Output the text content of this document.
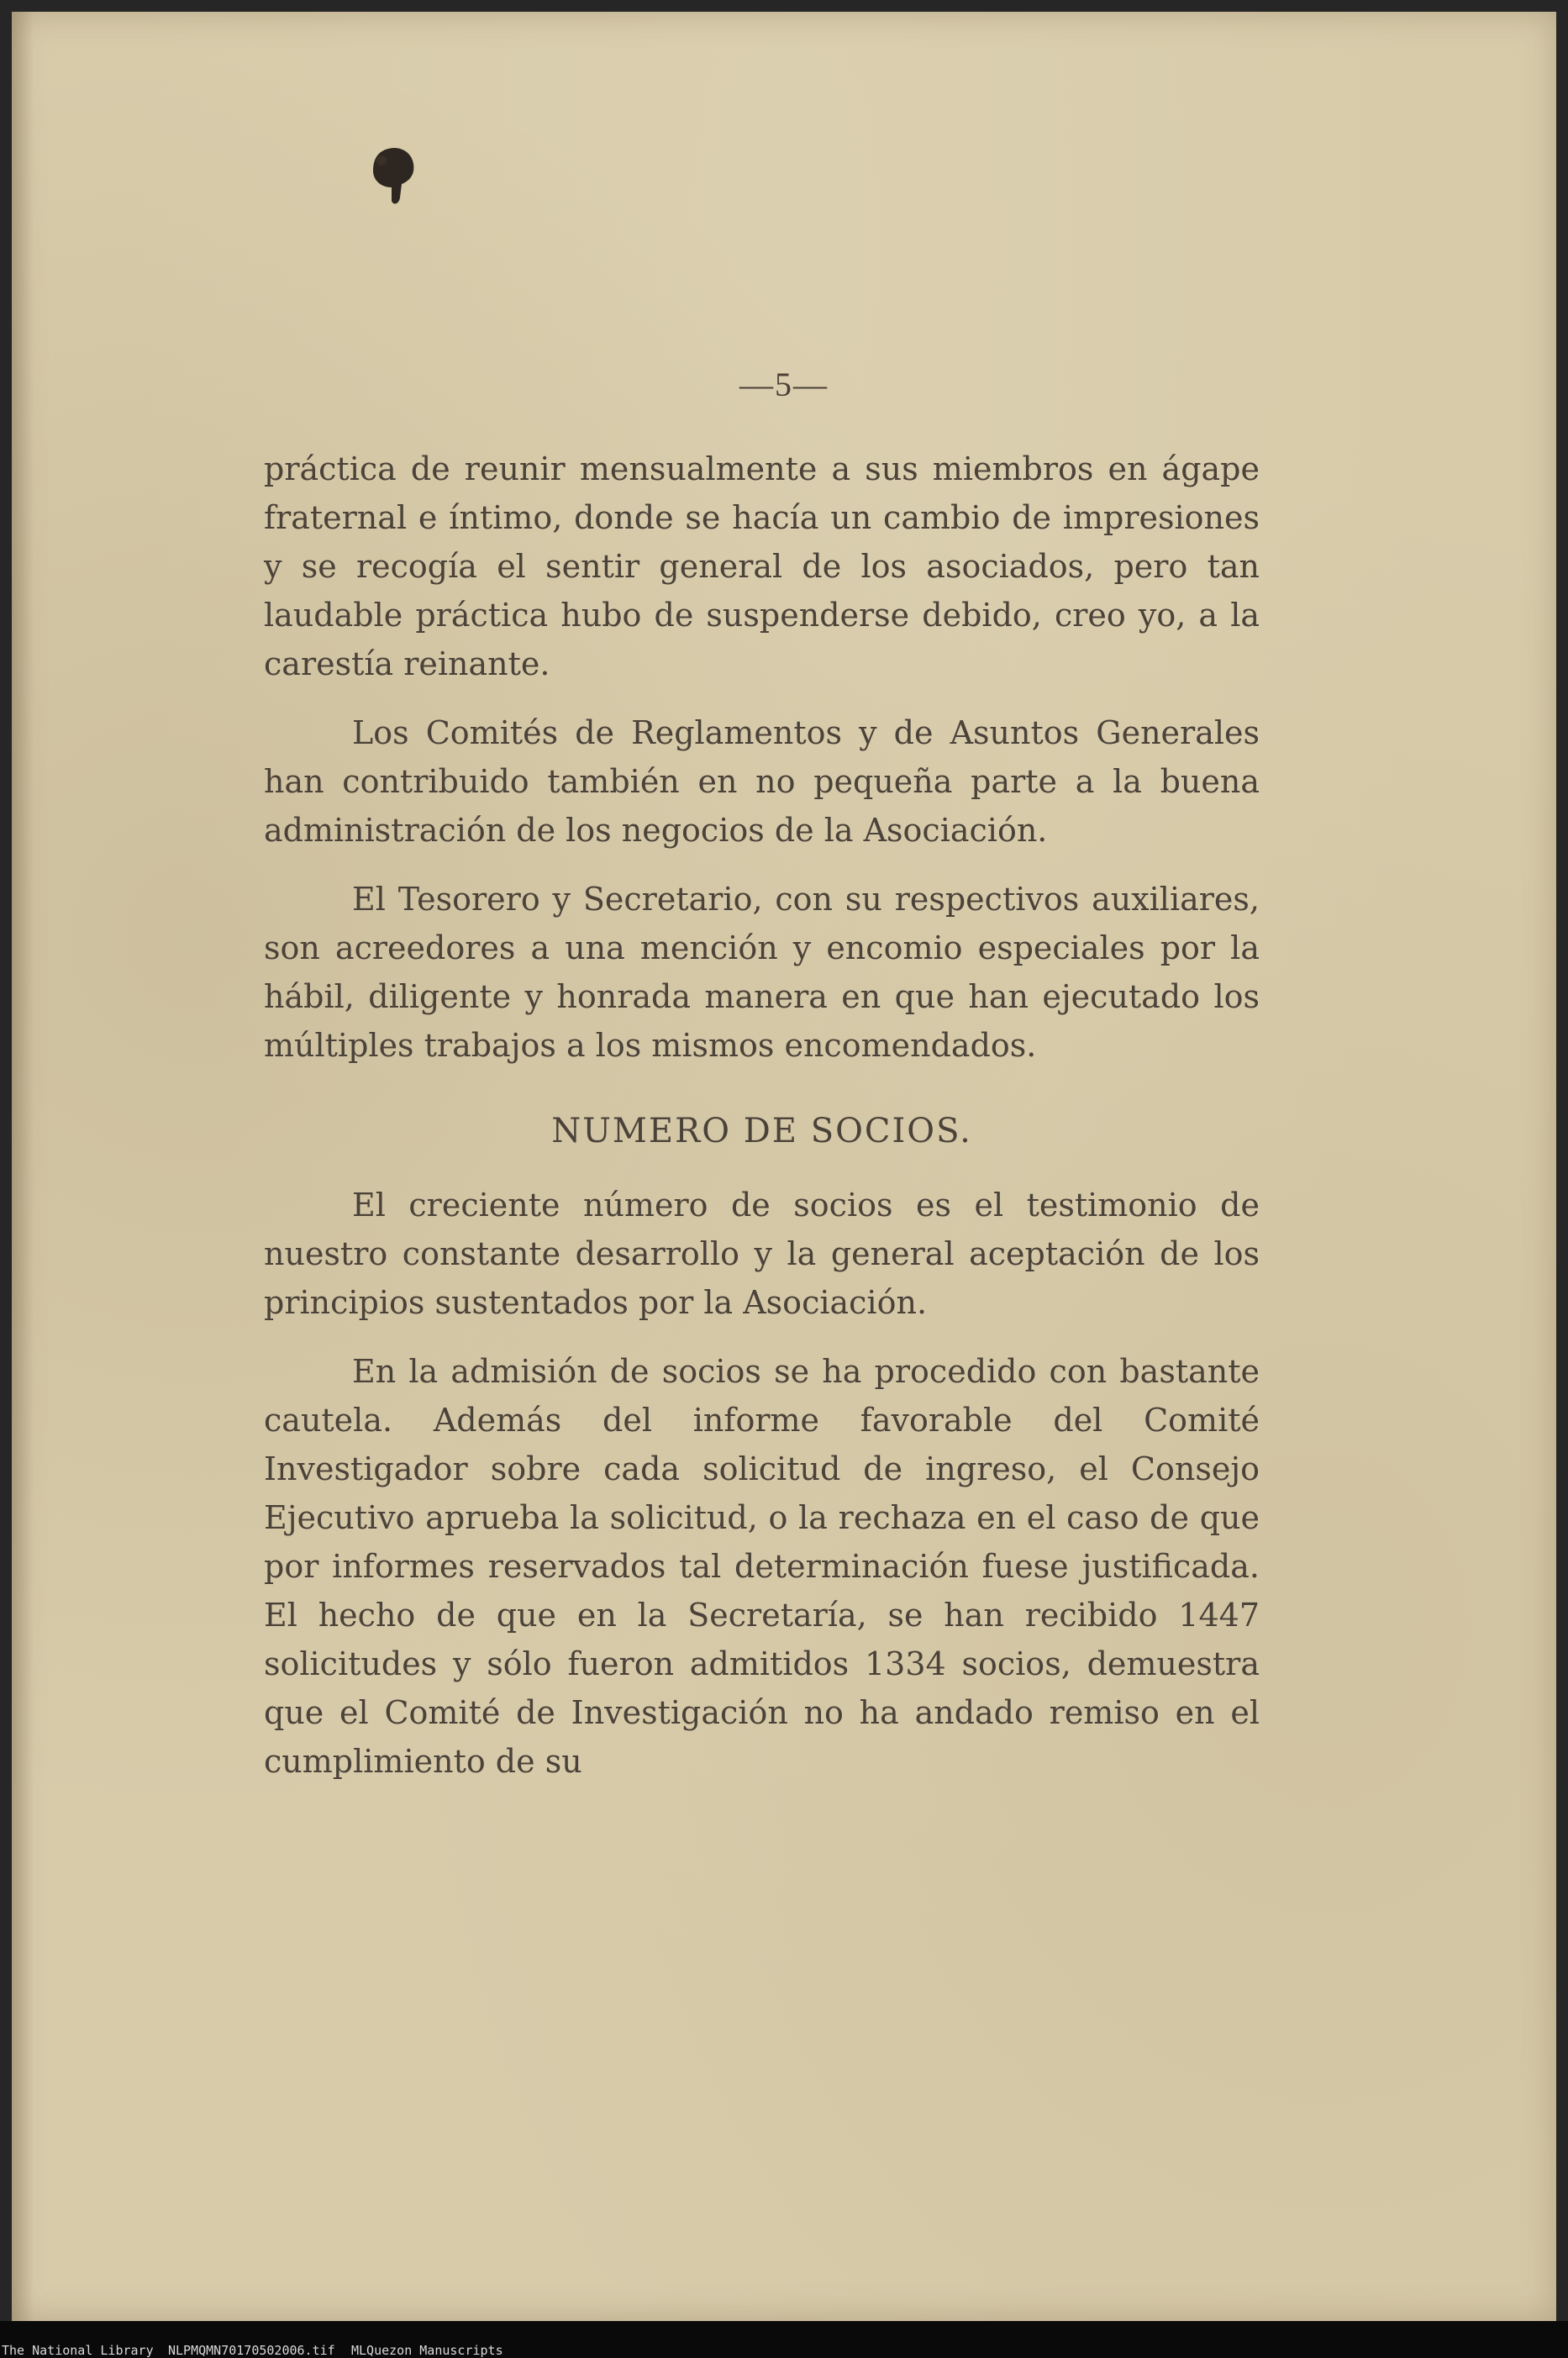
—5—

práctica de reunir mensualmente a sus miembros en ágape fraternal e íntimo, donde se hacía un cambio de impresiones y se recogía el sentir general de los asociados, pero tan laudable práctica hubo de suspenderse debido, creo yo, a la carestía reinante.

Los Comités de Reglamentos y de Asuntos Generales han contribuido también en no pequeña parte a la buena administración de los negocios de la Asociación.

El Tesorero y Secretario, con su respectivos auxiliares, son acreedores a una mención y encomio especiales por la hábil, diligente y honrada manera en que han ejecutado los múltiples trabajos a los mismos encomendados.

NUMERO DE SOCIOS.

El creciente número de socios es el testimonio de nuestro constante desarrollo y la general aceptación de los principios sustentados por la Asociación.

En la admisión de socios se ha procedido con bastante cautela. Además del informe favorable del Comité Investigador sobre cada solicitud de ingreso, el Consejo Ejecutivo aprueba la solicitud, o la rechaza en el caso de que por informes reservados tal determinación fuese justificada. El hecho de que en la Secretaría, se han recibido 1447 solicitudes y sólo fueron admitidos 1334 socios, demuestra que el Comité de Investigación no ha andado remiso en el cumplimiento de su

The National Library NLPMQMN70170502006.tif MLQuezon Manuscripts
